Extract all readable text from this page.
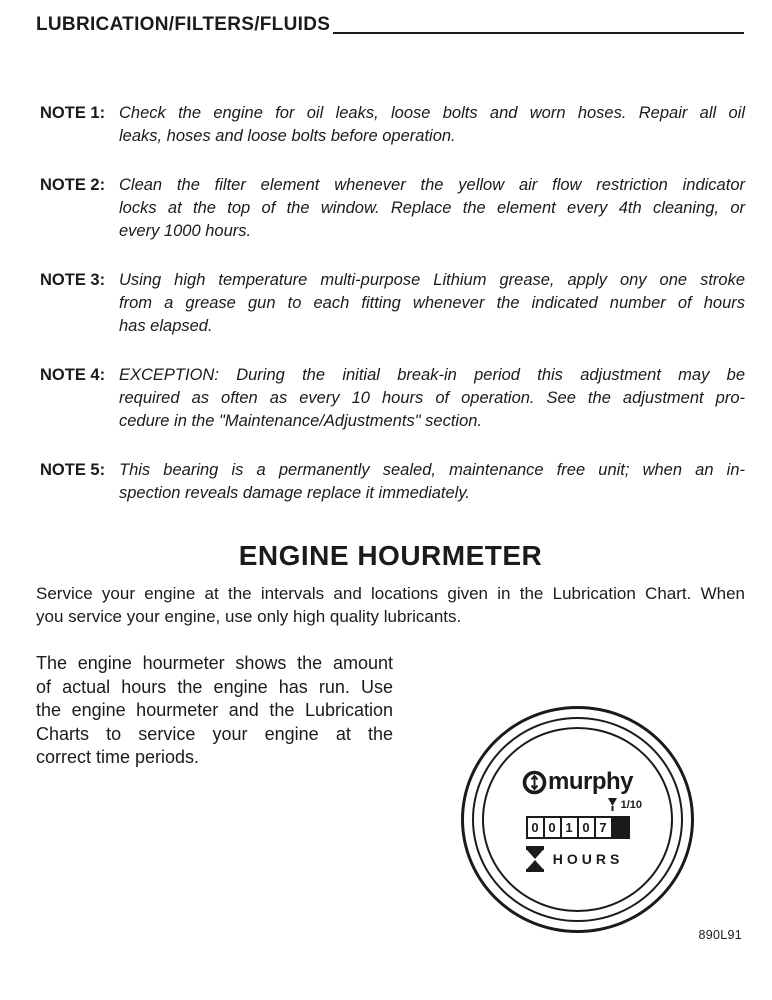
LUBRICATION/FILTERS/FLUIDS
NOTE 1: Check the engine for oil leaks, loose bolts and worn hoses. Repair all oil
leaks, hoses and loose bolts before operation.
NOTE 2: Clean the filter element whenever the yellow air flow restriction indicator
locks at the top of the window. Replace the element every 4th cleaning, or
every 1000 hours.
NOTE 3: Using high temperature multi-purpose Lithium grease, apply ony one stroke
from a grease gun to each fitting whenever the indicated number of hours
has elapsed.
NOTE 4: EXCEPTION: During the initial break-in period this adjustment may be
required as often as every 10 hours of operation. See the adjustment pro-
cedure in the "Maintenance/Adjustments" section.
NOTE 5: This bearing is a permanently sealed, maintenance free unit; when an in-
spection reveals damage replace it immediately.
ENGINE HOURMETER
Service your engine at the intervals and locations given in the Lubrication Chart. When
you service your engine, use only high quality lubricants.
The engine hourmeter shows the amount
of actual hours the engine has run. Use
the engine hourmeter and the Lubrication
Charts to service your engine at the
correct time periods.
murphy
1/10
0 0 1 0 7
HOURS
890L91
